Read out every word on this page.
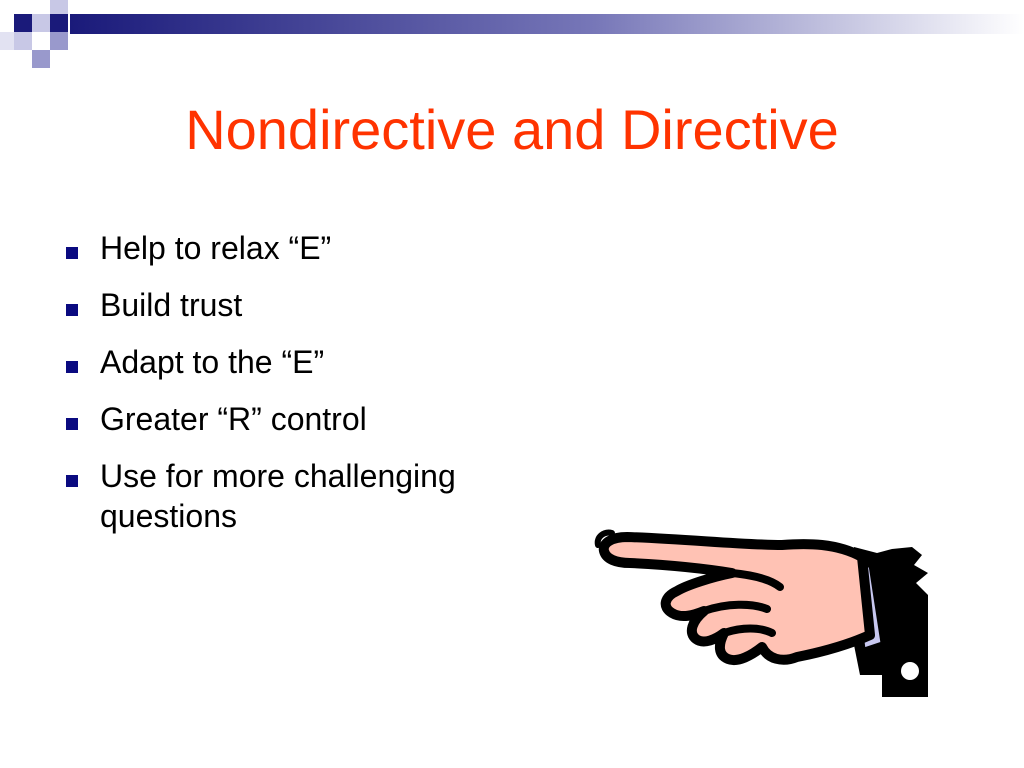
Nondirective and Directive
Help to relax “E”
Build trust
Adapt to the “E”
Greater “R” control
Use for more challenging questions
